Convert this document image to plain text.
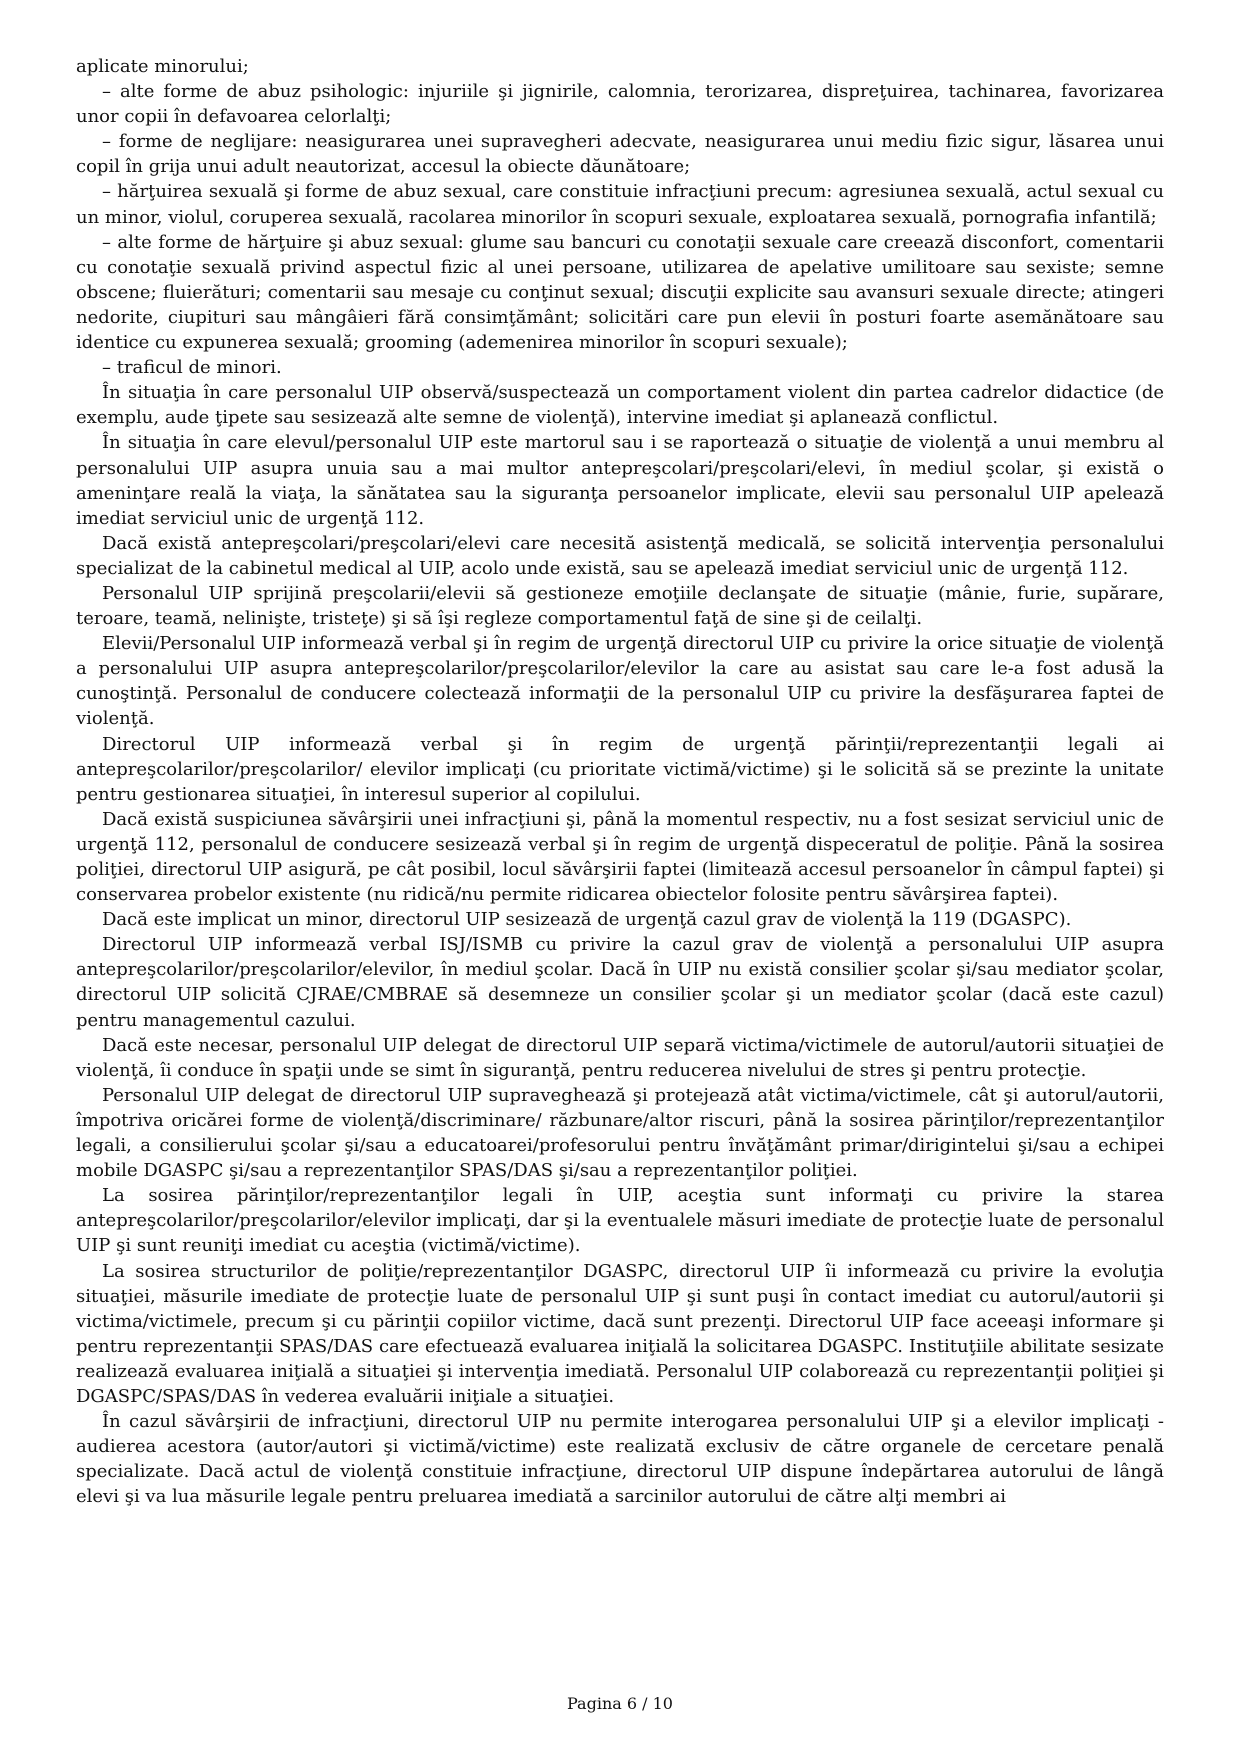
aplicate minorului;

– alte forme de abuz psihologic: injuriile şi jignirile, calomnia, terorizarea, dispreţuirea, tachinarea, favorizarea unor copii în defavoarea celorlalţi;

– forme de neglijare: neasigurarea unei supravegheri adecvate, neasigurarea unui mediu fizic sigur, lăsarea unui copil în grija unui adult neautorizat, accesul la obiecte dăunătoare;

– hărţuirea sexuală şi forme de abuz sexual, care constituie infracţiuni precum: agresiunea sexuală, actul sexual cu un minor, violul, coruperea sexuală, racolarea minorilor în scopuri sexuale, exploatarea sexuală, pornografia infantilă;

– alte forme de hărţuire şi abuz sexual: glume sau bancuri cu conotaţii sexuale care creează disconfort, comentarii cu conotaţie sexuală privind aspectul fizic al unei persoane, utilizarea de apelative umilitoare sau sexiste; semne obscene; fluierături; comentarii sau mesaje cu conţinut sexual; discuţii explicite sau avansuri sexuale directe; atingeri nedorite, ciupituri sau mângâieri fără consimţământ; solicitări care pun elevii în posturi foarte asemănătoare sau identice cu expunerea sexuală; grooming (ademenirea minorilor în scopuri sexuale);

– traficul de minori.

În situaţia în care personalul UIP observă/suspectează un comportament violent din partea cadrelor didactice (de exemplu, aude ţipete sau sesizează alte semne de violenţă), intervine imediat şi aplanează conflictul.

În situaţia în care elevul/personalul UIP este martorul sau i se raportează o situaţie de violenţă a unui membru al personalului UIP asupra unuia sau a mai multor antepreşcolari/preşcolari/elevi, în mediul şcolar, şi există o ameninţare reală la viaţa, la sănătatea sau la siguranţa persoanelor implicate, elevii sau personalul UIP apelează imediat serviciul unic de urgenţă 112.

Dacă există antepreşcolari/preşcolari/elevi care necesită asistenţă medicală, se solicită intervenţia personalului specializat de la cabinetul medical al UIP, acolo unde există, sau se apelează imediat serviciul unic de urgenţă 112.

Personalul UIP sprijină preşcolarii/elevii să gestioneze emoţiile declanşate de situaţie (mânie, furie, supărare, teroare, teamă, nelinişte, tristeţe) şi să îşi regleze comportamentul faţă de sine şi de ceilalţi.

Elevii/Personalul UIP informează verbal şi în regim de urgenţă directorul UIP cu privire la orice situaţie de violenţă a personalului UIP asupra antepreşcolarilor/preşcolarilor/elevilor la care au asistat sau care le-a fost adusă la cunoştinţă. Personalul de conducere colectează informaţii de la personalul UIP cu privire la desfăşurarea faptei de violenţă.

Directorul UIP informează verbal şi în regim de urgenţă părinţii/reprezentanţii legali ai antepreşcolarilor/preşcolarilor/ elevilor implicaţi (cu prioritate victimă/victime) şi le solicită să se prezinte la unitate pentru gestionarea situaţiei, în interesul superior al copilului.

Dacă există suspiciunea săvârşirii unei infracţiuni şi, până la momentul respectiv, nu a fost sesizat serviciul unic de urgenţă 112, personalul de conducere sesizează verbal şi în regim de urgenţă dispeceratul de poliţie. Până la sosirea poliţiei, directorul UIP asigură, pe cât posibil, locul săvârşirii faptei (limitează accesul persoanelor în câmpul faptei) şi conservarea probelor existente (nu ridică/nu permite ridicarea obiectelor folosite pentru săvârşirea faptei).

Dacă este implicat un minor, directorul UIP sesizează de urgenţă cazul grav de violenţă la 119 (DGASPC).

Directorul UIP informează verbal ISJ/ISMB cu privire la cazul grav de violenţă a personalului UIP asupra antepreşcolarilor/preşcolarilor/elevilor, în mediul şcolar. Dacă în UIP nu există consilier şcolar şi/sau mediator şcolar, directorul UIP solicită CJRAE/CMBRAE să desemneze un consilier şcolar şi un mediator şcolar (dacă este cazul) pentru managementul cazului.

Dacă este necesar, personalul UIP delegat de directorul UIP separă victima/victimele de autorul/autorii situaţiei de violenţă, îi conduce în spaţii unde se simt în siguranţă, pentru reducerea nivelului de stres şi pentru protecţie.

Personalul UIP delegat de directorul UIP supraveghează şi protejează atât victima/victimele, cât şi autorul/autorii, împotriva oricărei forme de violenţă/discriminare/ răzbunare/altor riscuri, până la sosirea părinţilor/reprezentanţilor legali, a consilierului şcolar şi/sau a educatoarei/profesorului pentru învăţământ primar/dirigintelui şi/sau a echipei mobile DGASPC şi/sau a reprezentanţilor SPAS/DAS şi/sau a reprezentanţilor poliţiei.

La sosirea părinţilor/reprezentanţilor legali în UIP, aceştia sunt informaţi cu privire la starea antepreşcolarilor/preşcolarilor/elevilor implicaţi, dar şi la eventualele măsuri imediate de protecţie luate de personalul UIP şi sunt reuniţi imediat cu aceştia (victimă/victime).

La sosirea structurilor de poliţie/reprezentanţilor DGASPC, directorul UIP îi informează cu privire la evoluţia situaţiei, măsurile imediate de protecţie luate de personalul UIP şi sunt puşi în contact imediat cu autorul/autorii şi victima/victimele, precum şi cu părinţii copiilor victime, dacă sunt prezenţi. Directorul UIP face aceeaşi informare şi pentru reprezentanţii SPAS/DAS care efectuează evaluarea iniţială la solicitarea DGASPC. Instituţiile abilitate sesizate realizează evaluarea iniţială a situaţiei şi intervenţia imediată. Personalul UIP colaborează cu reprezentanţii poliţiei şi DGASPC/SPAS/DAS în vederea evaluării iniţiale a situaţiei.

În cazul săvârşirii de infracţiuni, directorul UIP nu permite interogarea personalului UIP şi a elevilor implicaţi - audierea acestora (autor/autori şi victimă/victime) este realizată exclusiv de către organele de cercetare penală specializate. Dacă actul de violenţă constituie infracţiune, directorul UIP dispune îndepărtarea autorului de lângă elevi şi va lua măsurile legale pentru preluarea imediată a sarcinilor autorului de către alţi membri ai

Pagina 6 / 10
